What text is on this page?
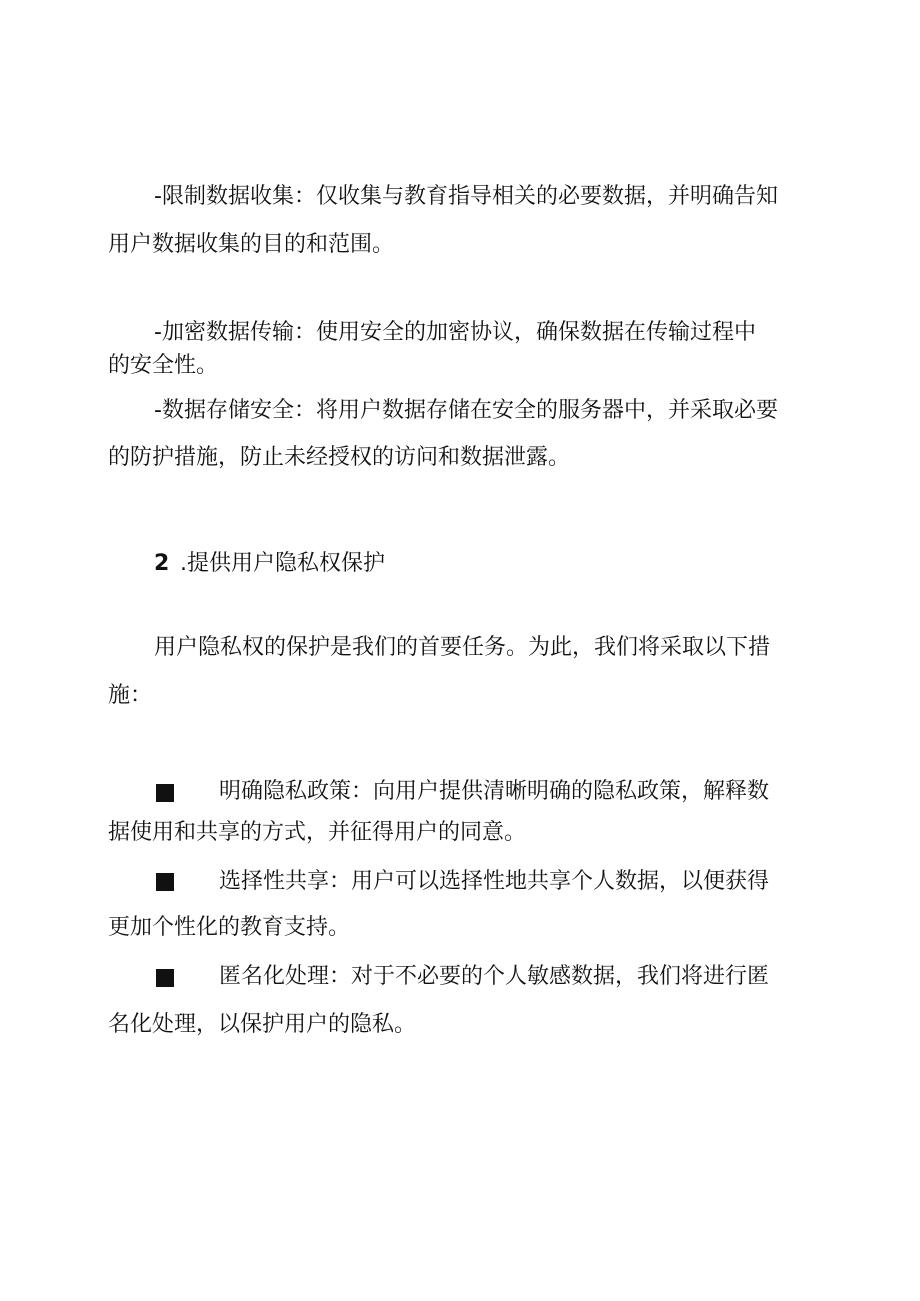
-限制数据收集：仅收集与教育指导相关的必要数据，并明确告知
用户数据收集的目的和范围。
-加密数据传输：使用安全的加密协议，确保数据在传输过程中
的安全性。
-数据存储安全：将用户数据存储在安全的服务器中，并采取必要
的防护措施，防止未经授权的访问和数据泄露。
2 .提供用户隐私权保护
用户隐私权的保护是我们的首要任务。为此，我们将采取以下措
施：
明确隐私政策：向用户提供清晰明确的隐私政策，解释数
据使用和共享的方式，并征得用户的同意。
选择性共享：用户可以选择性地共享个人数据，以便获得
更加个性化的教育支持。
匿名化处理：对于不必要的个人敏感数据，我们将进行匿
名化处理，以保护用户的隐私。
